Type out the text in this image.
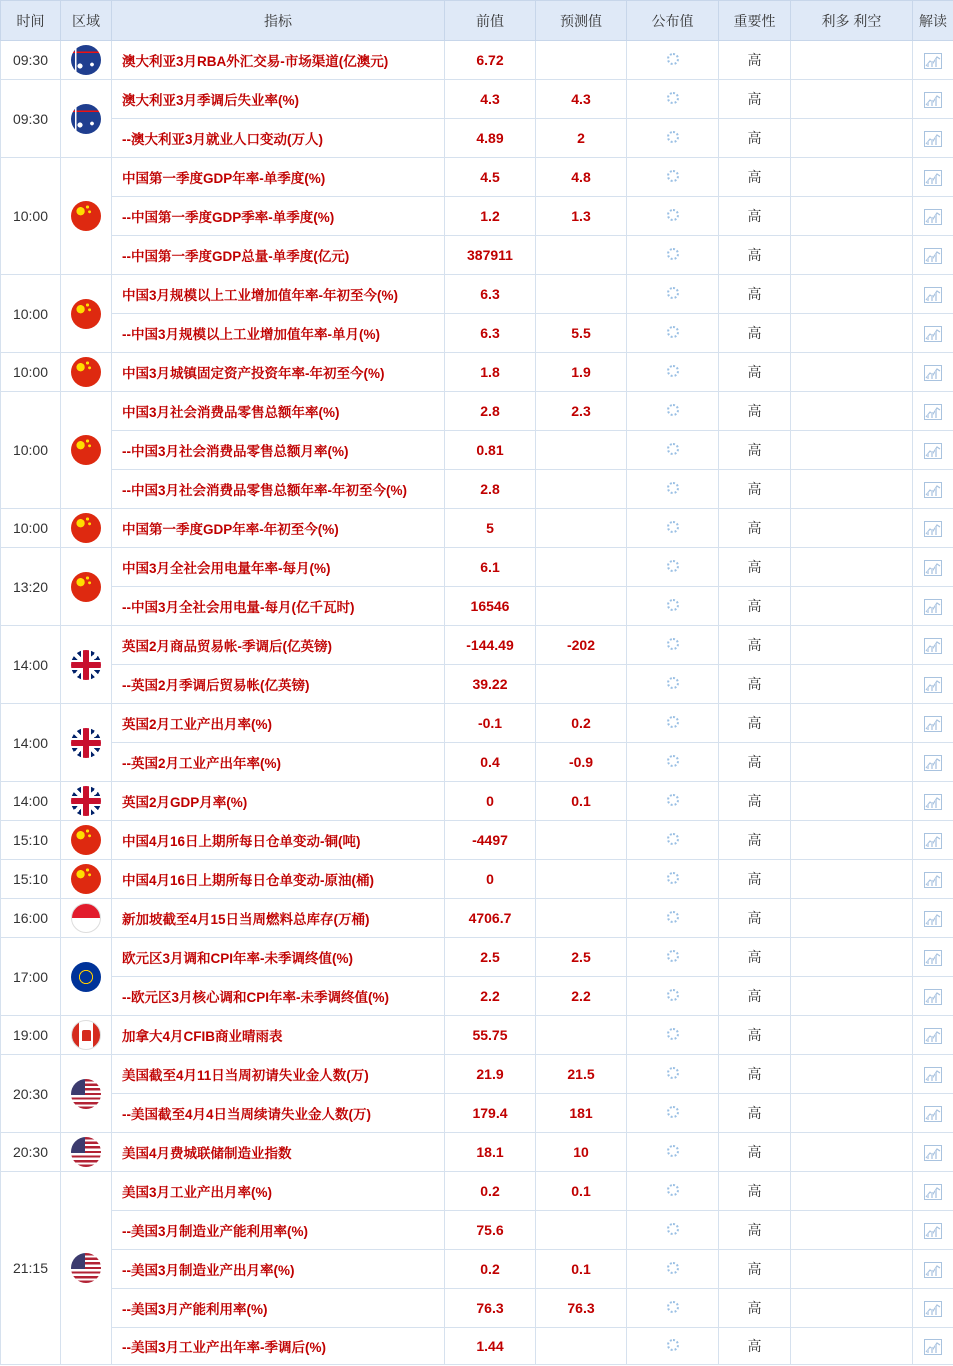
时间	区域	指标	前值	预测值	公布值	重要性	利多 利空	解读
09:30		澳大利亚3月RBA外汇交易-市场渠道(亿澳元)	6.72			高		
09:30		澳大利亚3月季调后失业率(%)	4.3	4.3		高		
		--澳大利亚3月就业人口变动(万人)	4.89	2		高		
10:00		中国第一季度GDP年率-单季度(%)	4.5	4.8		高		
		--中国第一季度GDP季率-单季度(%)	1.2	1.3		高		
		--中国第一季度GDP总量-单季度(亿元)	387911			高		
10:00		中国3月规模以上工业增加值年率-年初至今(%)	6.3			高		
		--中国3月规模以上工业增加值年率-单月(%)	6.3	5.5		高		
10:00		中国3月城镇固定资产投资年率-年初至今(%)	1.8	1.9		高		
10:00		中国3月社会消费品零售总额年率(%)	2.8	2.3		高		
		--中国3月社会消费品零售总额月率(%)	0.81			高		
		--中国3月社会消费品零售总额年率-年初至今(%)	2.8			高		
10:00		中国第一季度GDP年率-年初至今(%)	5			高		
13:20		中国3月全社会用电量年率-每月(%)	6.1			高		
		--中国3月全社会用电量-每月(亿千瓦时)	16546			高		
14:00		英国2月商品贸易帐-季调后(亿英镑)	-144.49	-202		高		
		--英国2月季调后贸易帐(亿英镑)	39.22			高		
14:00		英国2月工业产出月率(%)	-0.1	0.2		高		
		--英国2月工业产出年率(%)	0.4	-0.9		高		
14:00		英国2月GDP月率(%)	0	0.1		高		
15:10		中国4月16日上期所每日仓单变动-铜(吨)	-4497			高		
15:10		中国4月16日上期所每日仓单变动-原油(桶)	0			高		
16:00		新加坡截至4月15日当周燃料总库存(万桶)	4706.7			高		
17:00		欧元区3月调和CPI年率-未季调终值(%)	2.5	2.5		高		
		--欧元区3月核心调和CPI年率-未季调终值(%)	2.2	2.2		高		
19:00		加拿大4月CFIB商业晴雨表	55.75			高		
20:30		美国截至4月11日当周初请失业金人数(万)	21.9	21.5		高		
		--美国截至4月4日当周续请失业金人数(万)	179.4	181		高		
20:30		美国4月费城联储制造业指数	18.1	10		高		
21:15		美国3月工业产出月率(%)	0.2	0.1		高		
		--美国3月制造业产能利用率(%)	75.6			高		
		--美国3月制造业产出月率(%)	0.2	0.1		高		
		--美国3月产能利用率(%)	76.3	76.3		高		
		--美国3月工业产出年率-季调后(%)	1.44			高		
